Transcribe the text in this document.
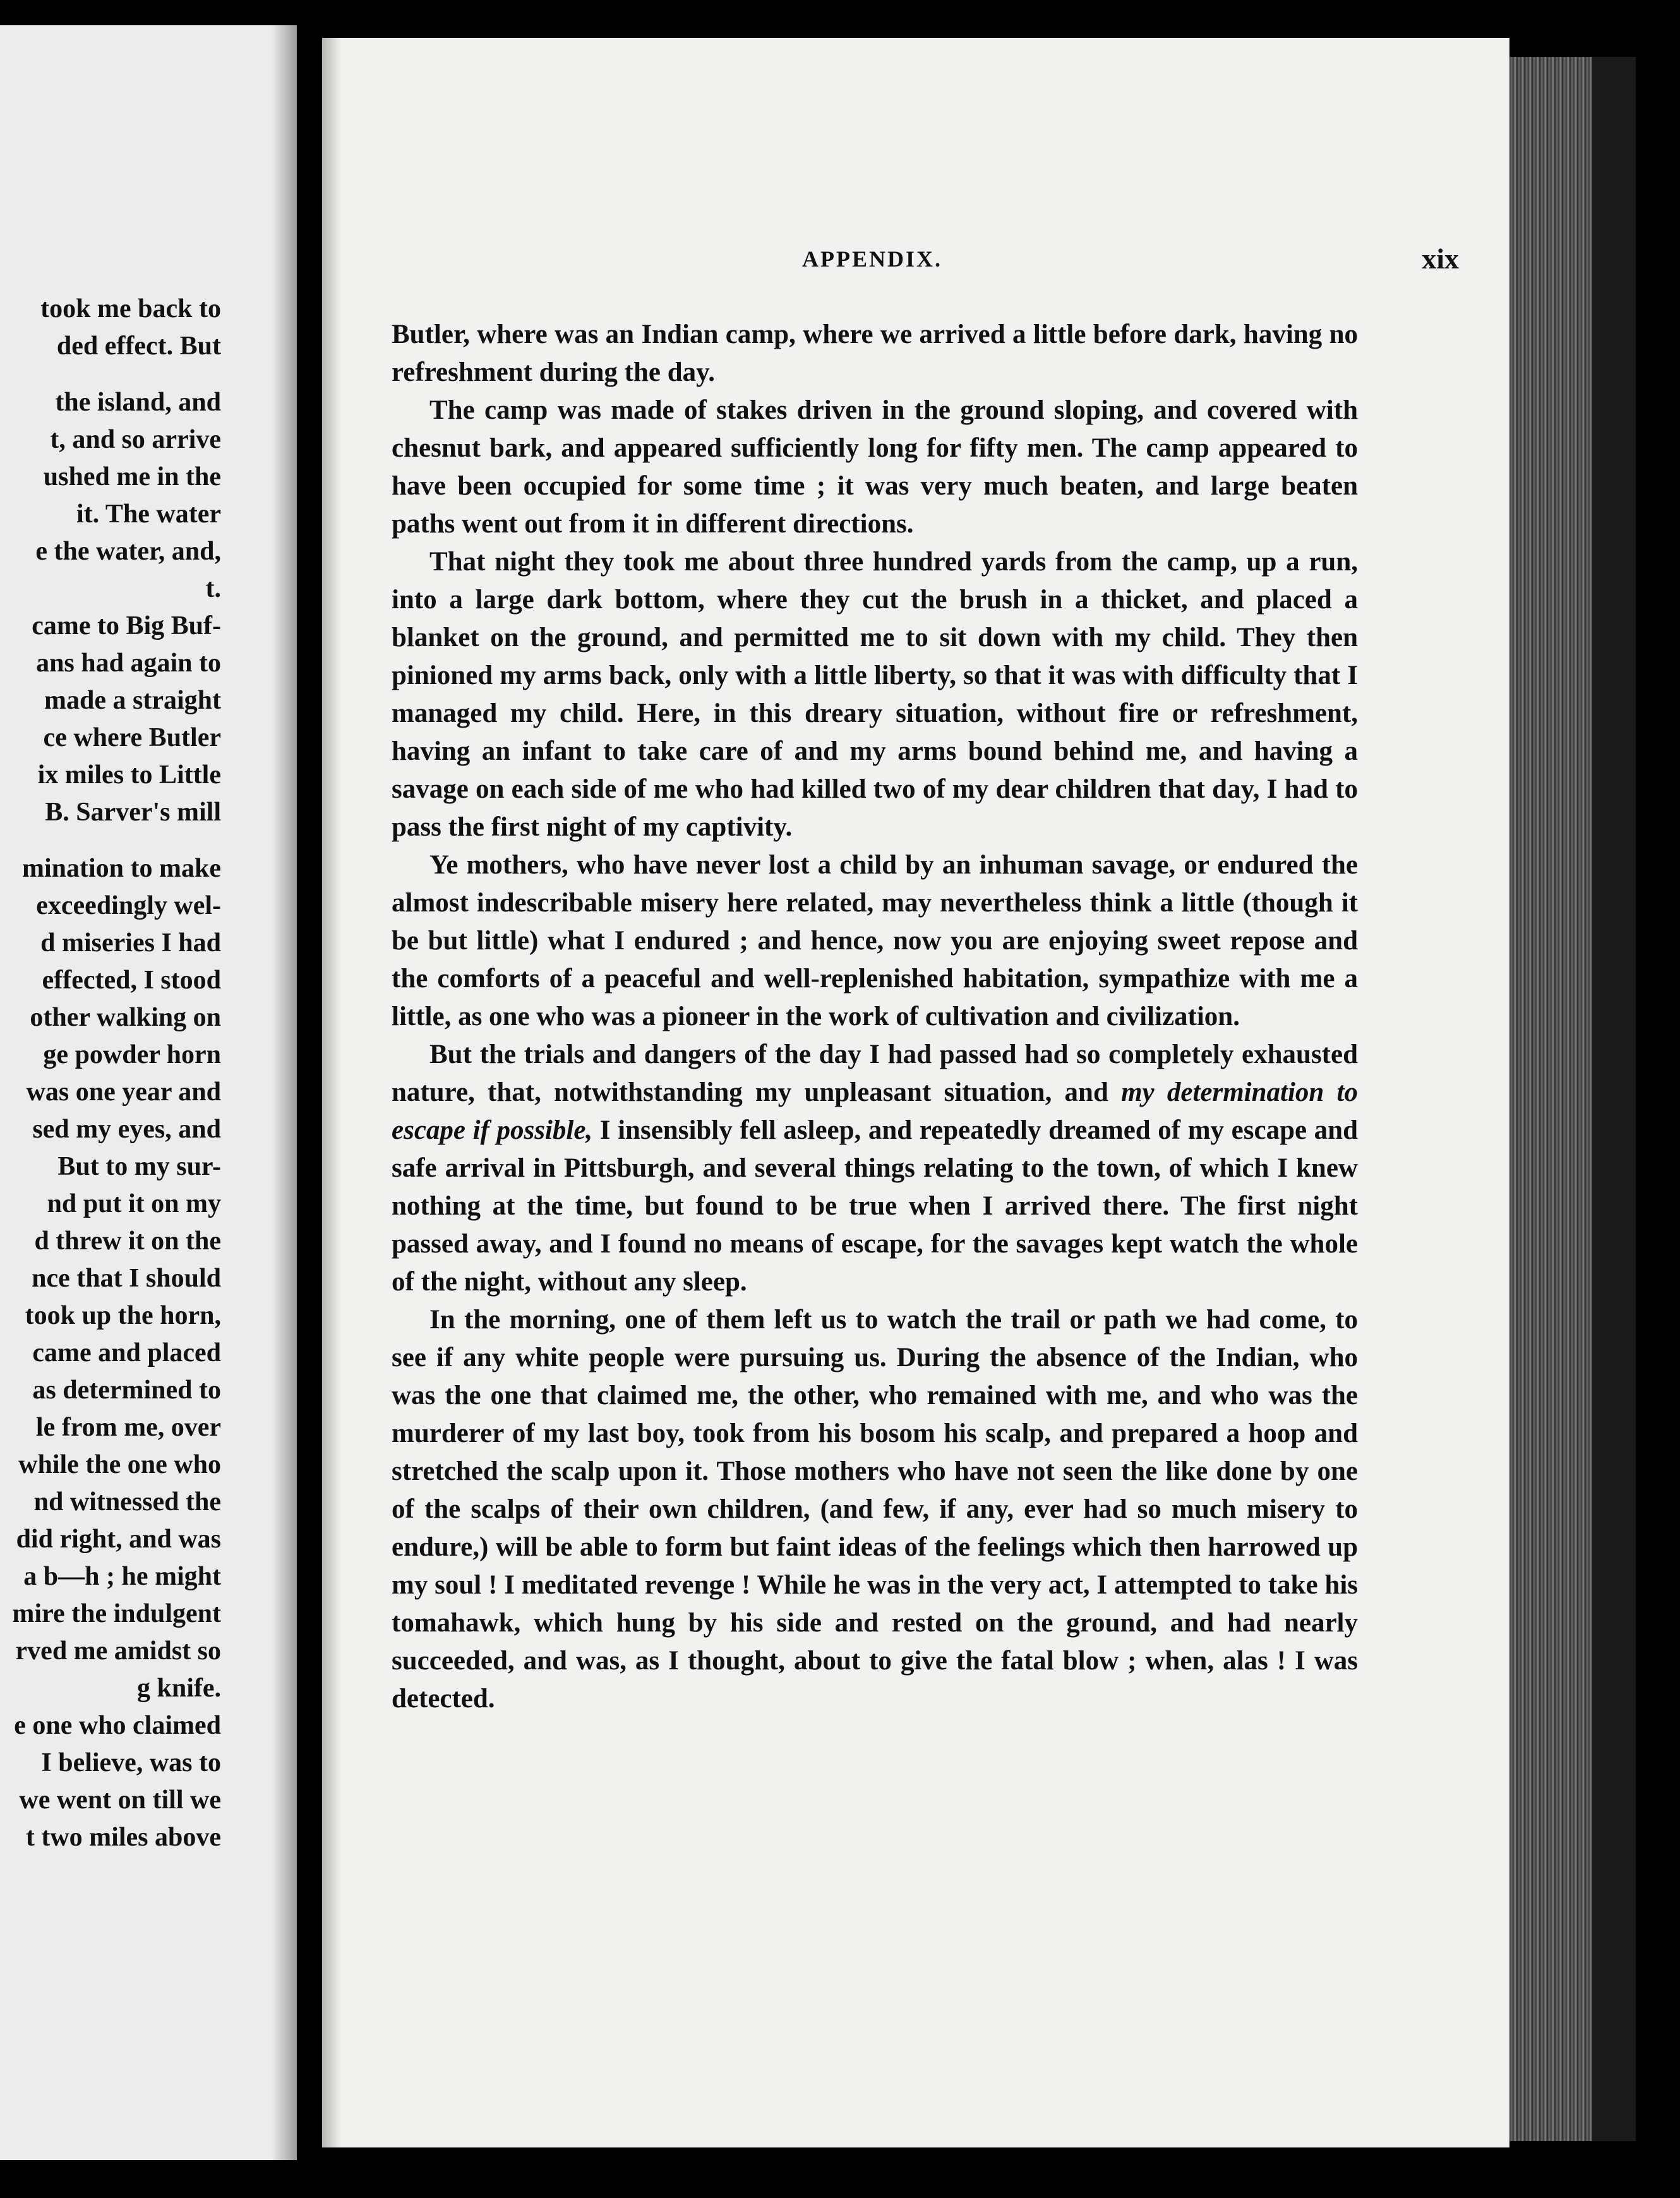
took me back to
ded effect. But
the island, and
t, and so arrive
ushed me in the
it. The water
e the water, and,
t.
came to Big Buf-
ans had again to
made a straight
ce where Butler
ix miles to Little
B. Sarver's mill
mination to make
exceedingly wel-
d miseries I had
effected, I stood
other walking on
ge powder horn
was one year and
sed my eyes, and
But to my sur-
nd put it on my
d threw it on the
nce that I should
took up the horn,
came and placed
as determined to
le from me, over
while the one who
nd witnessed the
did right, and was
a b—h ; he might
mire the indulgent
rved me amidst so
g knife.
e one who claimed
I believe, was to
we went on till we
t two miles above
APPENDIX.	xix

Butler, where was an Indian camp, where we arrived a little before dark, having no refreshment during the day.

The camp was made of stakes driven in the ground sloping, and covered with chesnut bark, and appeared sufficiently long for fifty men. The camp appeared to have been occupied for some time ; it was very much beaten, and large beaten paths went out from it in different directions.

That night they took me about three hundred yards from the camp, up a run, into a large dark bottom, where they cut the brush in a thicket, and placed a blanket on the ground, and permitted me to sit down with my child. They then pinioned my arms back, only with a little liberty, so that it was with difficulty that I managed my child. Here, in this dreary situation, without fire or refreshment, having an infant to take care of and my arms bound behind me, and having a savage on each side of me who had killed two of my dear children that day, I had to pass the first night of my captivity.

Ye mothers, who have never lost a child by an inhuman savage, or endured the almost indescribable misery here related, may nevertheless think a little (though it be but little) what I endured ; and hence, now you are enjoying sweet repose and the comforts of a peaceful and well-replenished habitation, sympathize with me a little, as one who was a pioneer in the work of cultivation and civilization.

But the trials and dangers of the day I had passed had so completely exhausted nature, that, notwithstanding my unpleasant situation, and my determination to escape if possible, I insensibly fell asleep, and repeatedly dreamed of my escape and safe arrival in Pittsburgh, and several things relating to the town, of which I knew nothing at the time, but found to be true when I arrived there. The first night passed away, and I found no means of escape, for the savages kept watch the whole of the night, without any sleep.

In the morning, one of them left us to watch the trail or path we had come, to see if any white people were pursuing us. During the absence of the Indian, who was the one that claimed me, the other, who remained with me, and who was the murderer of my last boy, took from his bosom his scalp, and prepared a hoop and stretched the scalp upon it. Those mothers who have not seen the like done by one of the scalps of their own children, (and few, if any, ever had so much misery to endure,) will be able to form but faint ideas of the feelings which then harrowed up my soul ! I meditated revenge ! While he was in the very act, I attempted to take his tomahawk, which hung by his side and rested on the ground, and had nearly succeeded, and was, as I thought, about to give the fatal blow ; when, alas ! I was detected.
